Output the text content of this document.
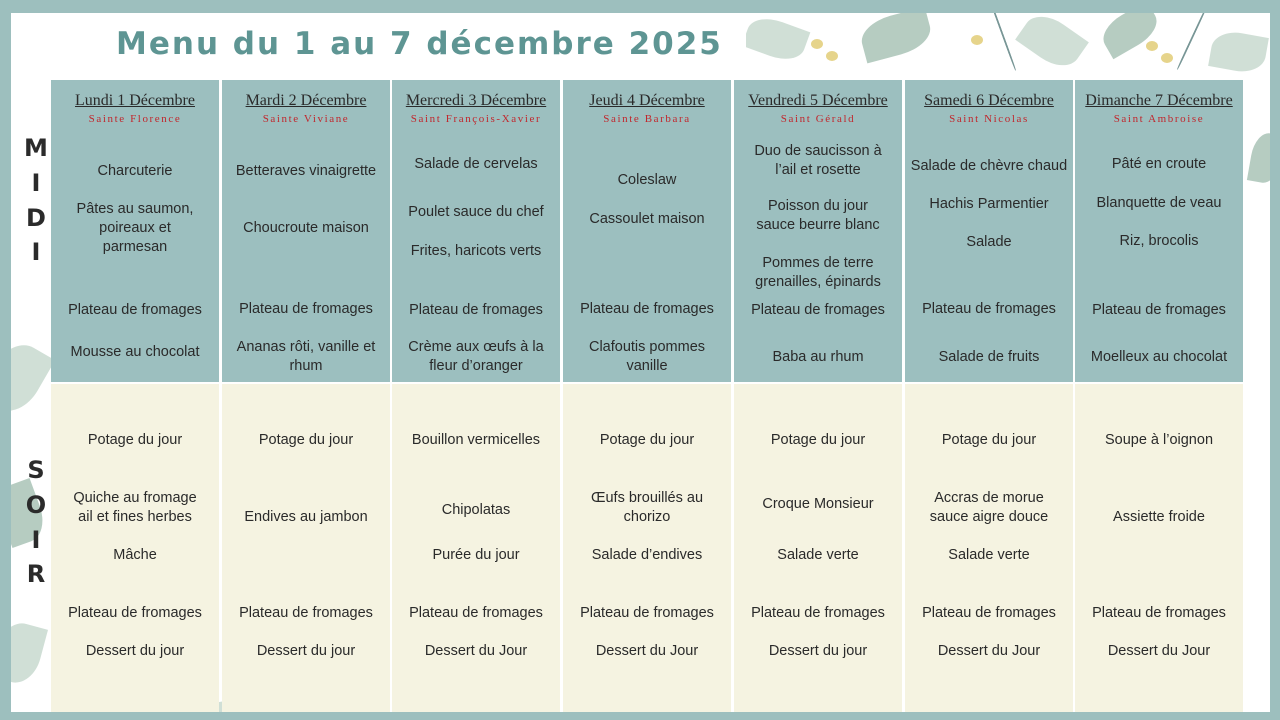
Menu du 1 au 7 décembre 2025
M
I
D
I
S
O
I
R
Lundi 1 Décembre
Sainte Florence
Charcuterie
Pâtes au saumon, poireaux et parmesan
Plateau de fromages
Mousse au chocolat
Potage du jour
Quiche au fromage ail et fines herbes
Mâche
Plateau de fromages
Dessert du jour
Mardi 2 Décembre
Sainte Viviane
Betteraves vinaigrette
Choucroute maison
Plateau de fromages
Ananas rôti, vanille et rhum
Potage du jour
Endives au jambon
Plateau de fromages
Dessert du jour
Mercredi 3 Décembre
Saint François-Xavier
Salade de cervelas
Poulet sauce du chef
Frites, haricots verts
Plateau de fromages
Crème aux œufs à la fleur d’oranger
Bouillon vermicelles
Chipolatas
Purée du jour
Plateau de fromages
Dessert du Jour
Jeudi 4 Décembre
Sainte Barbara
Coleslaw
Cassoulet maison
Plateau de fromages
Clafoutis pommes vanille
Potage du jour
Œufs brouillés au chorizo
Salade d’endives
Plateau de fromages
Dessert du Jour
Vendredi 5 Décembre
Saint Gérald
Duo de saucisson à l’ail et rosette
Poisson du jour sauce beurre blanc
Pommes de terre grenailles, épinards
Plateau de fromages
Baba au rhum
Potage du jour
Croque Monsieur
Salade verte
Plateau de fromages
Dessert du jour
Samedi 6 Décembre
Saint Nicolas
Salade de chèvre chaud
Hachis Parmentier
Salade
Plateau de fromages
Salade de fruits
Potage du jour
Accras de morue sauce aigre douce
Salade verte
Plateau de fromages
Dessert du Jour
Dimanche 7 Décembre
Saint Ambroise
Pâté en croute
Blanquette de veau
Riz, brocolis
Plateau de fromages
Moelleux au chocolat
Soupe à l’oignon
Assiette froide
Plateau de fromages
Dessert du Jour
